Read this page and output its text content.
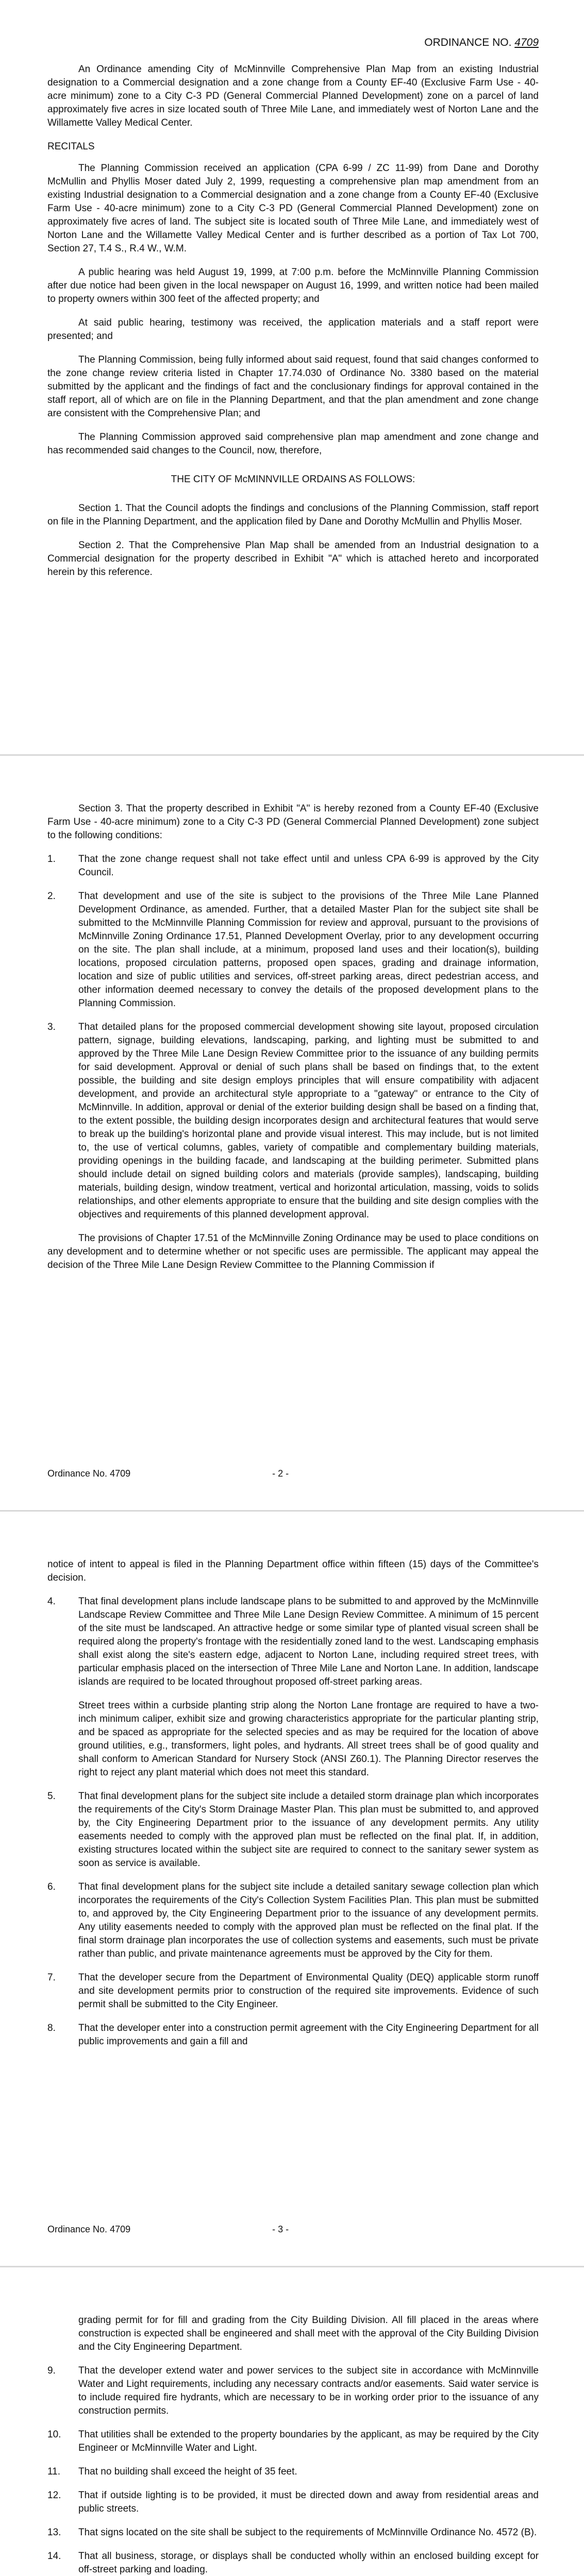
ORDINANCE NO. 4709

An Ordinance amending City of McMinnville Comprehensive Plan Map from an existing Industrial designation to a Commercial designation and a zone change from a County EF-40 (Exclusive Farm Use - 40-acre minimum) zone to a City C-3 PD (General Commercial Planned Development) zone on a parcel of land approximately five acres in size located south of Three Mile Lane, and immediately west of Norton Lane and the Willamette Valley Medical Center.

RECITALS

The Planning Commission received an application (CPA 6-99 / ZC 11-99) from Dane and Dorothy McMullin and Phyllis Moser dated July 2, 1999, requesting a comprehensive plan map amendment from an existing Industrial designation to a Commercial designation and a zone change from a County EF-40 (Exclusive Farm Use - 40-acre minimum) zone to a City C-3 PD (General Commercial Planned Development) zone on approximately five acres of land. The subject site is located south of Three Mile Lane, and immediately west of Norton Lane and the Willamette Valley Medical Center and is further described as a portion of Tax Lot 700, Section 27, T.4 S., R.4 W., W.M.

A public hearing was held August 19, 1999, at 7:00 p.m. before the McMinnville Planning Commission after due notice had been given in the local newspaper on August 16, 1999, and written notice had been mailed to property owners within 300 feet of the affected property; and

At said public hearing, testimony was received, the application materials and a staff report were presented; and

The Planning Commission, being fully informed about said request, found that said changes conformed to the zone change review criteria listed in Chapter 17.74.030 of Ordinance No. 3380 based on the material submitted by the applicant and the findings of fact and the conclusionary findings for approval contained in the staff report, all of which are on file in the Planning Department, and that the plan amendment and zone change are consistent with the Comprehensive Plan; and

The Planning Commission approved said comprehensive plan map amendment and zone change and has recommended said changes to the Council, now, therefore,

THE CITY OF McMINNVILLE ORDAINS AS FOLLOWS:

Section 1. That the Council adopts the findings and conclusions of the Planning Commission, staff report on file in the Planning Department, and the application filed by Dane and Dorothy McMullin and Phyllis Moser.

Section 2. That the Comprehensive Plan Map shall be amended from an Industrial designation to a Commercial designation for the property described in Exhibit "A" which is attached hereto and incorporated herein by this reference.

Section 3. That the property described in Exhibit "A" is hereby rezoned from a County EF-40 (Exclusive Farm Use - 40-acre minimum) zone to a City C-3 PD (General Commercial Planned Development) zone subject to the following conditions:

1.	That the zone change request shall not take effect until and unless CPA 6-99 is approved by the City Council.
2.	That development and use of the site is subject to the provisions of the Three Mile Lane Planned Development Ordinance, as amended. Further, that a detailed Master Plan for the subject site shall be submitted to the McMinnville Planning Commission for review and approval, pursuant to the provisions of McMinnville Zoning Ordinance 17.51, Planned Development Overlay, prior to any development occurring on the site. The plan shall include, at a minimum, proposed land uses and their location(s), building locations, proposed circulation patterns, proposed open spaces, grading and drainage information, location and size of public utilities and services, off-street parking areas, direct pedestrian access, and other information deemed necessary to convey the details of the proposed development plans to the Planning Commission.
3.	That detailed plans for the proposed commercial development showing site layout, proposed circulation pattern, signage, building elevations, landscaping, parking, and lighting must be submitted to and approved by the Three Mile Lane Design Review Committee prior to the issuance of any building permits for said development. Approval or denial of such plans shall be based on findings that, to the extent possible, the building and site design employs principles that will ensure compatibility with adjacent development, and provide an architectural style appropriate to a "gateway" or entrance to the City of McMinnville. In addition, approval or denial of the exterior building design shall be based on a finding that, to the extent possible, the building design incorporates design and architectural features that would serve to break up the building's horizontal plane and provide visual interest. This may include, but is not limited to, the use of vertical columns, gables, variety of compatible and complementary building materials, providing openings in the building facade, and landscaping at the building perimeter. Submitted plans should include detail on signed building colors and materials (provide samples), landscaping, building materials, building design, window treatment, vertical and horizontal articulation, massing, voids to solids relationships, and other elements appropriate to ensure that the building and site design complies with the objectives and requirements of this planned development approval.

The provisions of Chapter 17.51 of the McMinnville Zoning Ordinance may be used to place conditions on any development and to determine whether or not specific uses are permissible. The applicant may appeal the decision of the Three Mile Lane Design Review Committee to the Planning Commission if

Ordinance No. 4709	- 2 -

notice of intent to appeal is filed in the Planning Department office within fifteen (15) days of the Committee's decision.

4.	That final development plans include landscape plans to be submitted to and approved by the McMinnville Landscape Review Committee and Three Mile Lane Design Review Committee. A minimum of 15 percent of the site must be landscaped. An attractive hedge or some similar type of planted visual screen shall be required along the property's frontage with the residentially zoned land to the west. Landscaping emphasis shall exist along the site's eastern edge, adjacent to Norton Lane, including required street trees, with particular emphasis placed on the intersection of Three Mile Lane and Norton Lane. In addition, landscape islands are required to be located throughout proposed off-street parking areas.
Street trees within a curbside planting strip along the Norton Lane frontage are required to have a two-inch minimum caliper, exhibit size and growing characteristics appropriate for the particular planting strip, and be spaced as appropriate for the selected species and as may be required for the location of above ground utilities, e.g., transformers, light poles, and hydrants. All street trees shall be of good quality and shall conform to American Standard for Nursery Stock (ANSI Z60.1). The Planning Director reserves the right to reject any plant material which does not meet this standard.
5.	That final development plans for the subject site include a detailed storm drainage plan which incorporates the requirements of the City's Storm Drainage Master Plan. This plan must be submitted to, and approved by, the City Engineering Department prior to the issuance of any development permits. Any utility easements needed to comply with the approved plan must be reflected on the final plat. If, in addition, existing structures located within the subject site are required to connect to the sanitary sewer system as soon as service is available.
6.	That final development plans for the subject site include a detailed sanitary sewage collection plan which incorporates the requirements of the City's Collection System Facilities Plan. This plan must be submitted to, and approved by, the City Engineering Department prior to the issuance of any development permits. Any utility easements needed to comply with the approved plan must be reflected on the final plat. If the final storm drainage plan incorporates the use of collection systems and easements, such must be private rather than public, and private maintenance agreements must be approved by the City for them.
7.	That the developer secure from the Department of Environmental Quality (DEQ) applicable storm runoff and site development permits prior to construction of the required site improvements. Evidence of such permit shall be submitted to the City Engineer.
8.	That the developer enter into a construction permit agreement with the City Engineering Department for all public improvements and gain a fill and
Ordinance No. 4709	- 3 -

grading permit for for fill and grading from the City Building Division. All fill placed in the areas where construction is expected shall be engineered and shall meet with the approval of the City Building Division and the City Engineering Department.

9.	That the developer extend water and power services to the subject site in accordance with McMinnville Water and Light requirements, including any necessary contracts and/or easements. Said water service is to include required fire hydrants, which are necessary to be in working order prior to the issuance of any construction permits.
10.	That utilities shall be extended to the property boundaries by the applicant, as may be required by the City Engineer or McMinnville Water and Light.
11.	That no building shall exceed the height of 35 feet.
12.	That if outside lighting is to be provided, it must be directed down and away from residential areas and public streets.
13.	That signs located on the site shall be subject to the requirements of McMinnville Ordinance No. 4572 (B).
14.	That all business, storage, or displays shall be conducted wholly within an enclosed building except for off-street parking and loading.
